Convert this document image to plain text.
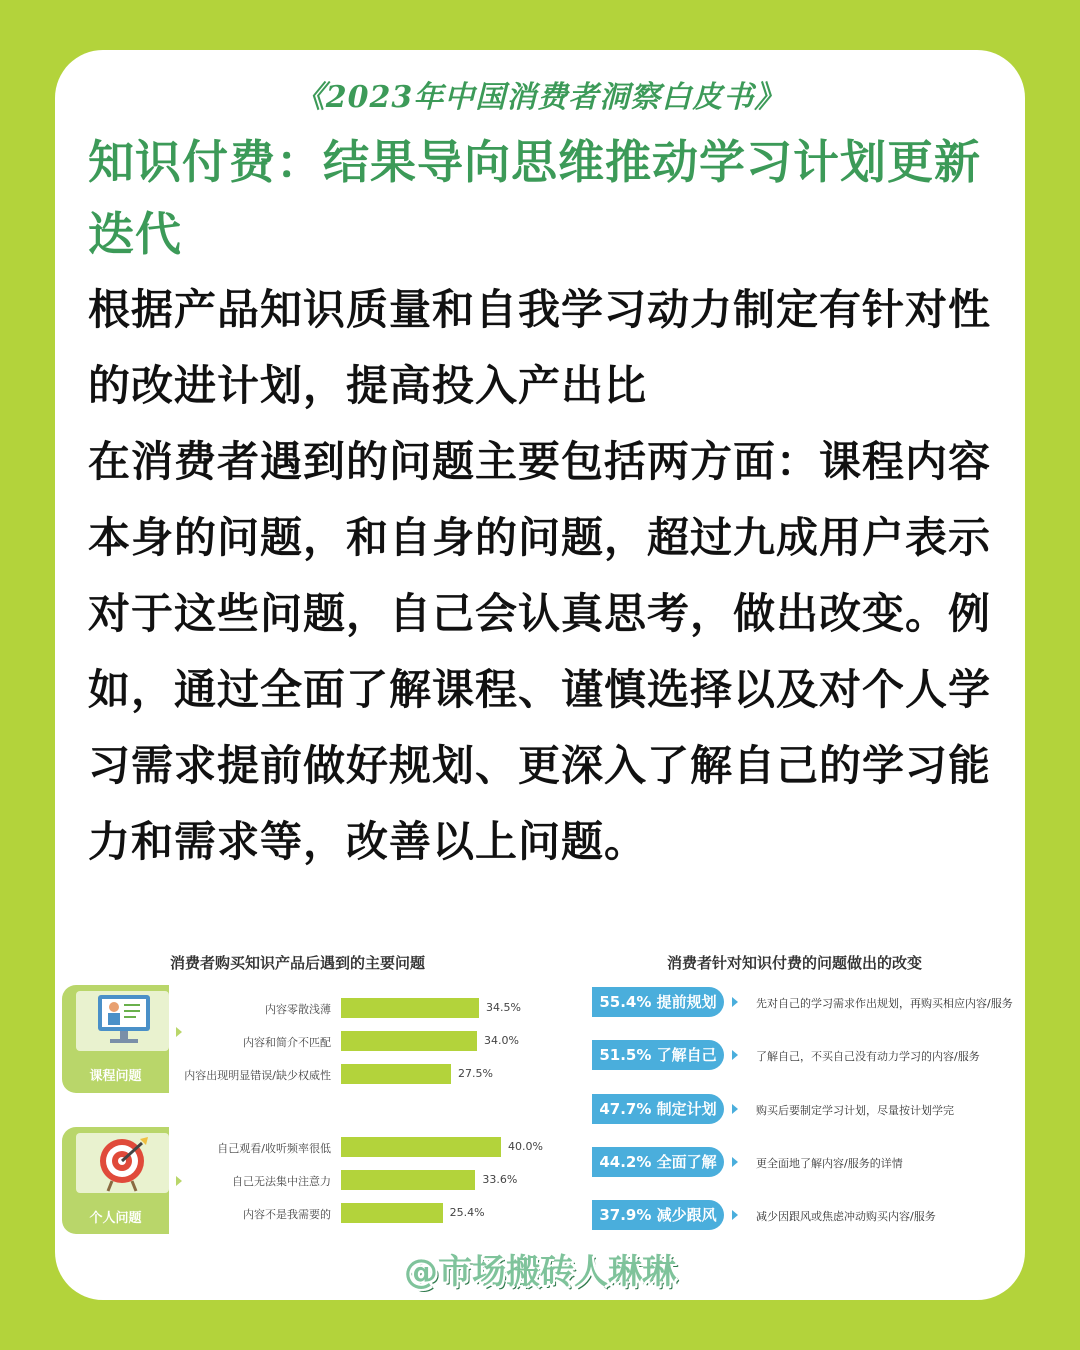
《2023年中国消费者洞察白皮书》
知识付费：结果导向思维推动学习计划更新迭代

根据产品知识质量和自我学习动力制定有针对性的改进计划，提高投入产出比

在消费者遇到的问题主要包括两方面：课程内容本身的问题，和自身的问题，超过九成用户表示对于这些问题，自己会认真思考，做出改变。例如，通过全面了解课程、谨慎选择以及对个人学习需求提前做好规划、更深入了解自己的学习能力和需求等，改善以上问题。

消费者购买知识产品后遇到的主要问题
课程问题
个人问题
内容零散浅薄	34.5%
内容和简介不匹配	34.0%
内容出现明显错误/缺少权威性	27.5%
自己观看/收听频率很低	40.0%
自己无法集中注意力	33.6%
内容不是我需要的	25.4%
消费者针对知识付费的问题做出的改变
55.4% 提前规划	先对自己的学习需求作出规划，再购买相应内容/服务
51.5% 了解自己	了解自己，不买自己没有动力学习的内容/服务
47.7% 制定计划	购买后要制定学习计划，尽量按计划学完
44.2% 全面了解	更全面地了解内容/服务的详情
37.9% 减少跟风	减少因跟风或焦虑冲动购买内容/服务
@市场搬砖人琳琳
